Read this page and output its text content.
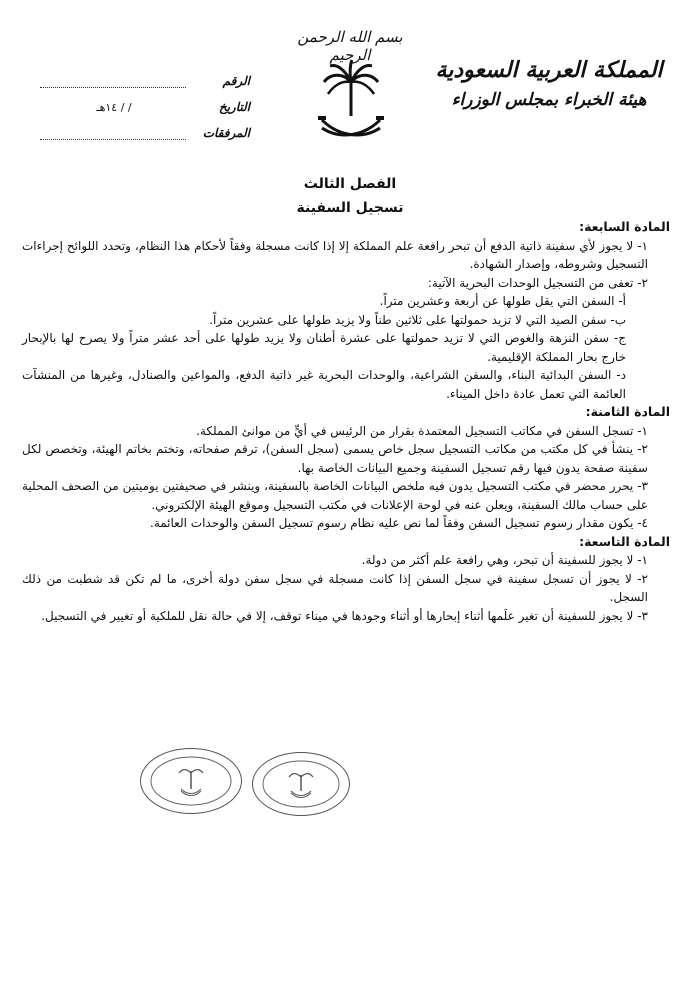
بسم الله الرحمن الرحيم
المملكة العربية السعودية
هيئة الخبراء بمجلس الوزراء
الرقم
التاريخ
/ / ١٤هـ
المرفقات
الفصل الثالث
تسجيل السفينة

المادة السابعة:

١- لا يجوز لأي سفينة ذاتية الدفع أن تبحر رافعة علم المملكة إلا إذا كانت مسجلة وفقاً لأحكام هذا النظام، وتحدد اللوائح إجراءات التسجيل وشروطه، وإصدار الشهادة.
٢- تعفى من التسجيل الوحدات البحرية الآتية:
أ- السفن التي يقل طولها عن أربعة وعشرين متراً.
ب- سفن الصيد التي لا تزيد حمولتها على ثلاثين طناً ولا يزيد طولها على عشرين متراً.
ج- سفن النزهة والغوص التي لا تزيد حمولتها على عشرة أطنان ولا يزيد طولها على أحد عشر متراً ولا يصرح لها بالإبحار خارج بحار المملكة الإقليمية.
د- السفن البدائية البناء، والسفن الشراعية، والوحدات البحرية غير ذاتية الدفع، والمواعين والصنادل، وغيرها من المنشآت العائمة التي تعمل عادة داخل الميناء.

المادة الثامنة:

١- تسجل السفن في مكاتب التسجيل المعتمدة بقرار من الرئيس في أيٍّ من موانئ المملكة.
٢- ينشأ في كل مكتب من مكاتب التسجيل سجل خاص يسمى (سجل السفن)، ترقم صفحاته، وتختم بخاتم الهيئة، وتخصص لكل سفينة صفحة يدون فيها رقم تسجيل السفينة وجميع البيانات الخاصة بها.
٣- يحرر محضر في مكتب التسجيل يدون فيه ملخص البيانات الخاصة بالسفينة، وينشر في صحيفتين يوميتين من الصحف المحلية على حساب مالك السفينة، ويعلن عنه في لوحة الإعلانات في مكتب التسجيل وموقع الهيئة الإلكتروني.
٤- يكون مقدار رسوم تسجيل السفن وفقاً لما نص عليه نظام رسوم تسجيل السفن والوحدات العائمة.

المادة التاسعة:

١- لا يجوز للسفينة أن تبحر، وهي رافعة علم أكثر من دولة.
٢- لا يجوز أن تسجل سفينة في سجل السفن إذا كانت مسجلة في سجل سفن دولة أخرى، ما لم تكن قد شطبت من ذلك السجل.
٣- لا يجوز للسفينة أن تغير علَمها أثناء إبحارها أو أثناء وجودها في ميناء توقف، إلا في حالة نقل للملكية أو تغيير في التسجيل.
